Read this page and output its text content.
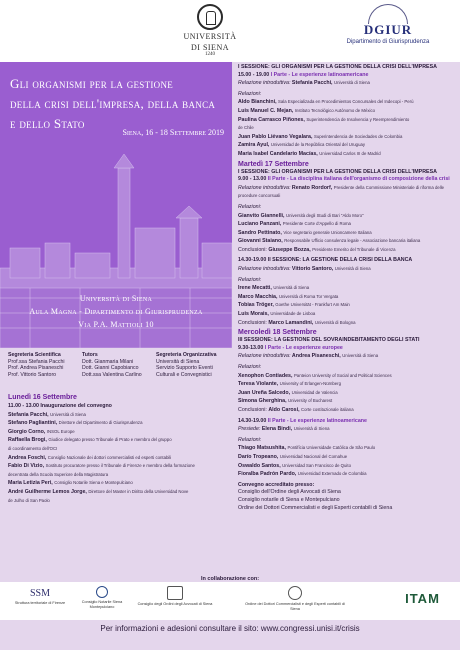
UNIVERSITÀ
DI SIENA
1240
DGIUR
Dipartimento di Giurisprudenza
Gli organismi per la gestione
della crisi dell'impresa, della banca
e dello Stato
Siena, 16 - 18 Settembre 2019
Università di Siena
Aula Magna - Dipartimento di Giurisprudenza
Via P.A. Mattioli 10
Segreteria Scientifica
Prof.ssa Stefania Pacchi
Prof. Andrea Pisaneschi
Prof. Vittorio Santoro
Tutors
Dott. Gianmaria Milani
Dott. Gianni Capobianco
Dott.ssa Valentina Carlino
Segreteria Organizzativa
Università di Siena
Servizio Supporto Eventi
Culturali e Convegnistici
Lunedì 16 Settembre
11.00 - 13.00 Inaugurazione del convegno
Stefania Pacchi, Università di Siena
Stefano Pagliantini, Direttore del Dipartimento di Giurisprudenza
Giorgio Corno, INSOL Europe
Raffaella Brogi, Giudice delegato presso Tribunale di Prato e membro del gruppo
di coordinamento dell'OCI
Andrea Foschi, Consiglio Nazionale dei dottori commercialisti ed esperti contabili
Fabio Di Vizio, Sostituto procuratore presso il Tribunale di Firenze e membro della formazione
decentrata della Scuola Superiore della Magistratura
Maria Letizia Peri, Consiglio Notarile Siena e Montepulciano
André Guilherme Lemos Jorge, Direttore del Master in Diritto della Universidad Nove
de Julho di San Paolo
I SESSIONE: GLI ORGANISMI PER LA GESTIONE DELLA CRISI DELL'IMPRESA
15.00 - 19.00 I Parte - Le esperienze latinoamericane
Relazione introduttiva: Stefania Pacchi, Università di Siena
Relazioni:
Aldo Bianchini, Sala Especializada en Procedimientos Concursales del Indecopi - Perù
Luis Manuel C. Mejan, Instituto Tecnológico Autónomo de México
Paulina Carrasco Piñones, Superintendencia de Insolvencia y Reemprendimiento
de Chile
Juan Pablo Liévano Vegalara, Superintendencia de Sociedades de Colombia
Zamira Ayul, Universidad de la República Oriental del Uruguay
Maria Isabel Candelario Macías, Universidad Carlos III de Madrid
Martedì 17 Settembre
I SESSIONE: GLI ORGANISMI PER LA GESTIONE DELLA CRISI DELL'IMPRESA
9.00 - 13.00 II Parte - La disciplina italiana dell'organismo di composizione della crisi
Relazione introduttiva: Renato Rordorf, Presidente della Commissione Ministeriale di riforma delle procedure concorsuali
Relazioni:
Gianvito Giannelli, Università degli Studi di Bari "Aldo Moro"
Luciano Panzani, Presidente Corte d'Appello di Roma
Sandro Pettinato, Vice segretario generale Unioncamere Italiana
Giovanni Staiano, Responsabile Ufficio consulenza legale - Associazione bancaria italiana
Conclusioni: Giuseppe Bozza, Presidente Emerito del Tribunale di Vicenza
14.30-19.00 II SESSIONE: LA GESTIONE DELLA CRISI DELLA BANCA
Relazione introduttiva: Vittorio Santoro, Università di Siena
Relazioni:
Irene Mecatti, Università di Siena
Marco Macchia, Università di Roma Tor Vergata
Tobias Tröger, Goethe Universität - Frankfurt Am Main
Luis Morais, Universidade de Lisboa
Conclusioni: Marco Lamandini, Università di Bologna
Mercoledì 18 Settembre
III SESSIONE: LA GESTIONE DEL SOVRAINDEBITAMENTO DEGLI STATI
9.30-13.00 I Parte - Le esperienze europee
Relazione introduttiva: Andrea Pisaneschi, Università di Siena
Relazioni:
Xenophon Contiades, Panteion University of Social and Political Sciences
Teresa Violante, University of Erlangen-Nürnberg
Juan Ureña Salcedo, Universidad de Valencia
Simona Gherghina, University of Bucharest
Conclusioni: Aldo Carosi, Corte costituzionale italiana
14.30-19.00 II Parte - Le esperienze latinoamericane
Presiede: Elena Bindi, Università di Siena
Relazioni:
Thiago Matsushita, Pontifícia Universidade Católica de São Paulo
Darío Tropeano, Universidad Nacional del Comahue
Oswaldo Santos, Universidad San Francisco de Quito
Fioralba Padrón Pardo, Universidad Externado de Colombia
Convegno accreditato presso:
Consiglio dell'Ordine degli Avvocati di Siena
Consiglio notarile di Siena e Montepulciano
Ordine dei Dottori Commercialisti e degli Esperti contabili di Siena
In collaborazione con:
SSM
Struttura territoriale di Firenze	Consiglio Notarile Siena Montepulciano
Consiglio degli Ordini degli Avvocati di Siena	Ordine dei Dottori Commercialisti e degli Esperti contabili di Siena
ITAM
Per informazioni e adesioni consultare il sito: www.congressi.unisi.it/crisis
